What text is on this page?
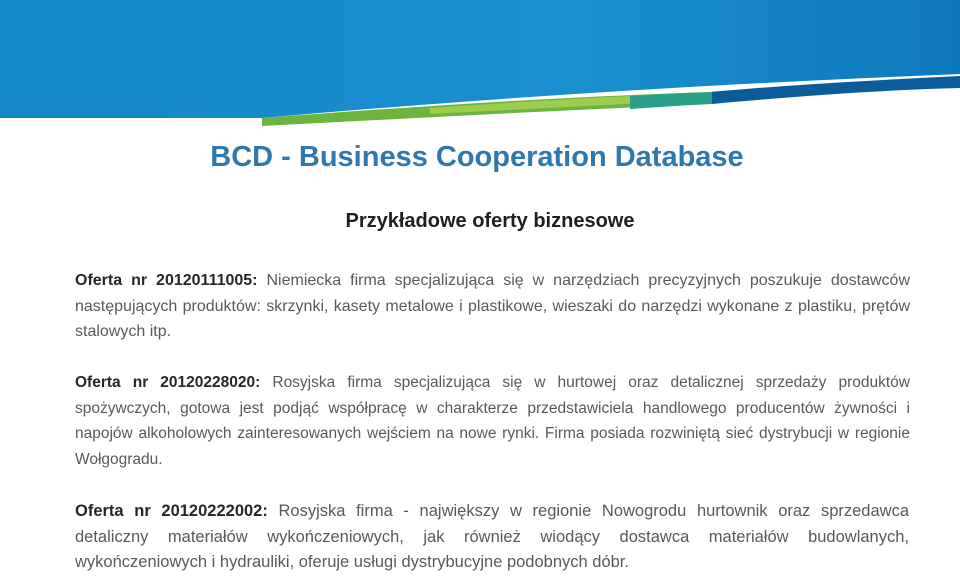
BCD - Business Cooperation Database
Przykładowe oferty biznesowe
Oferta nr 20120111005: Niemiecka firma specjalizująca się w narzędziach precyzyjnych poszukuje dostawców następujących produktów: skrzynki, kasety metalowe i plastikowe, wieszaki do narzędzi wykonane z plastiku, prętów stalowych itp.
Oferta nr 20120228020: Rosyjska firma specjalizująca się w hurtowej oraz detalicznej sprzedaży produktów spożywczych, gotowa jest podjąć współpracę w charakterze przedstawiciela handlowego producentów żywności i napojów alkoholowych zainteresowanych wejściem na nowe rynki. Firma posiada rozwiniętą sieć dystrybucji w regionie Wołgogradu.
Oferta nr 20120222002: Rosyjska firma - największy w regionie Nowogrodu hurtownik oraz sprzedawca detaliczny materiałów wykończeniowych, jak również wiodący dostawca materiałów budowlanych, wykończeniowych i hydrauliki, oferuje usługi dystrybucyjne podobnych dóbr.
